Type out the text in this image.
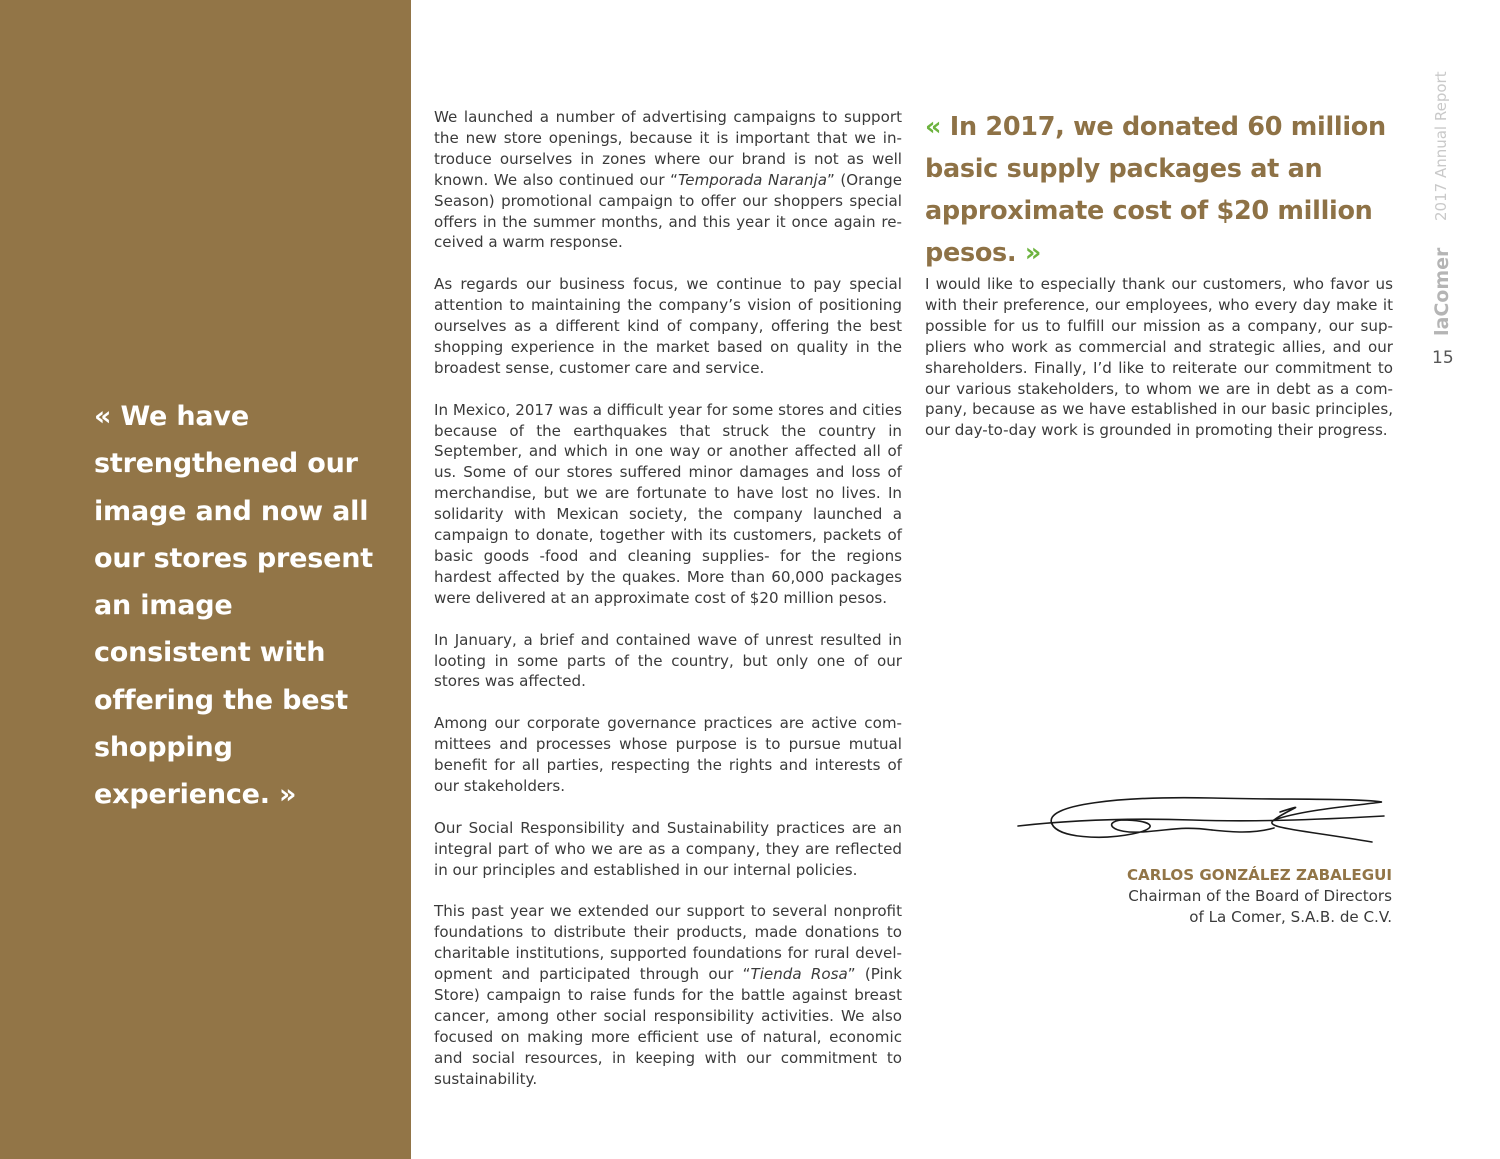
« We have strengthened our image and now all our stores present an image consistent with offering the best shopping experience. »

We launched a number of advertising campaigns to support the new store openings, because it is important that we introduce ourselves in zones where our brand is not as well known. We also continued our “Temporada Naranja” (Orange Season) promotional campaign to offer our shoppers special offers in the summer months, and this year it once again received a warm response.

As regards our business focus, we continue to pay special attention to maintaining the company’s vision of positioning ourselves as a different kind of company, offering the best shopping experience in the market based on quality in the broadest sense, customer care and service.

In Mexico, 2017 was a difficult year for some stores and cities because of the earthquakes that struck the country in September, and which in one way or another affected all of us. Some of our stores suffered minor damages and loss of merchandise, but we are fortunate to have lost no lives. In solidarity with Mexican society, the company launched a campaign to donate, together with its customers, packets of basic goods -food and cleaning supplies- for the regions hardest affected by the quakes. More than 60,000 packages were delivered at an approximate cost of $20 million pesos.

In January, a brief and contained wave of unrest resulted in looting in some parts of the country, but only one of our stores was affected.

Among our corporate governance practices are active committees and processes whose purpose is to pursue mutual benefit for all parties, respecting the rights and interests of our stakeholders.

Our Social Responsibility and Sustainability practices are an integral part of who we are as a company, they are reflected in our principles and established in our internal policies.

This past year we extended our support to several nonprofit foundations to distribute their products, made donations to charitable institutions, supported foundations for rural development and participated through our “Tienda Rosa” (Pink Store) campaign to raise funds for the battle against breast cancer, among other social responsibility activities. We also focused on making more efficient use of natural, economic and social resources, in keeping with our commitment to sustainability.

« In 2017, we donated 60 million basic supply packages at an approximate cost of $20 million pesos. »

I would like to especially thank our customers, who favor us with their preference, our employees, who every day make it possible for us to fulfill our mission as a company, our suppliers who work as commercial and strategic allies, and our shareholders. Finally, I’d like to reiterate our commitment to our various stakeholders, to whom we are in debt as a company, because as we have established in our basic principles, our day-to-day work is grounded in promoting their progress.

CARLOS GONZÁLEZ ZABALEGUI
Chairman of the Board of Directors
of La Comer, S.A.B. de C.V.
2017 Annual Report
laComer
15
